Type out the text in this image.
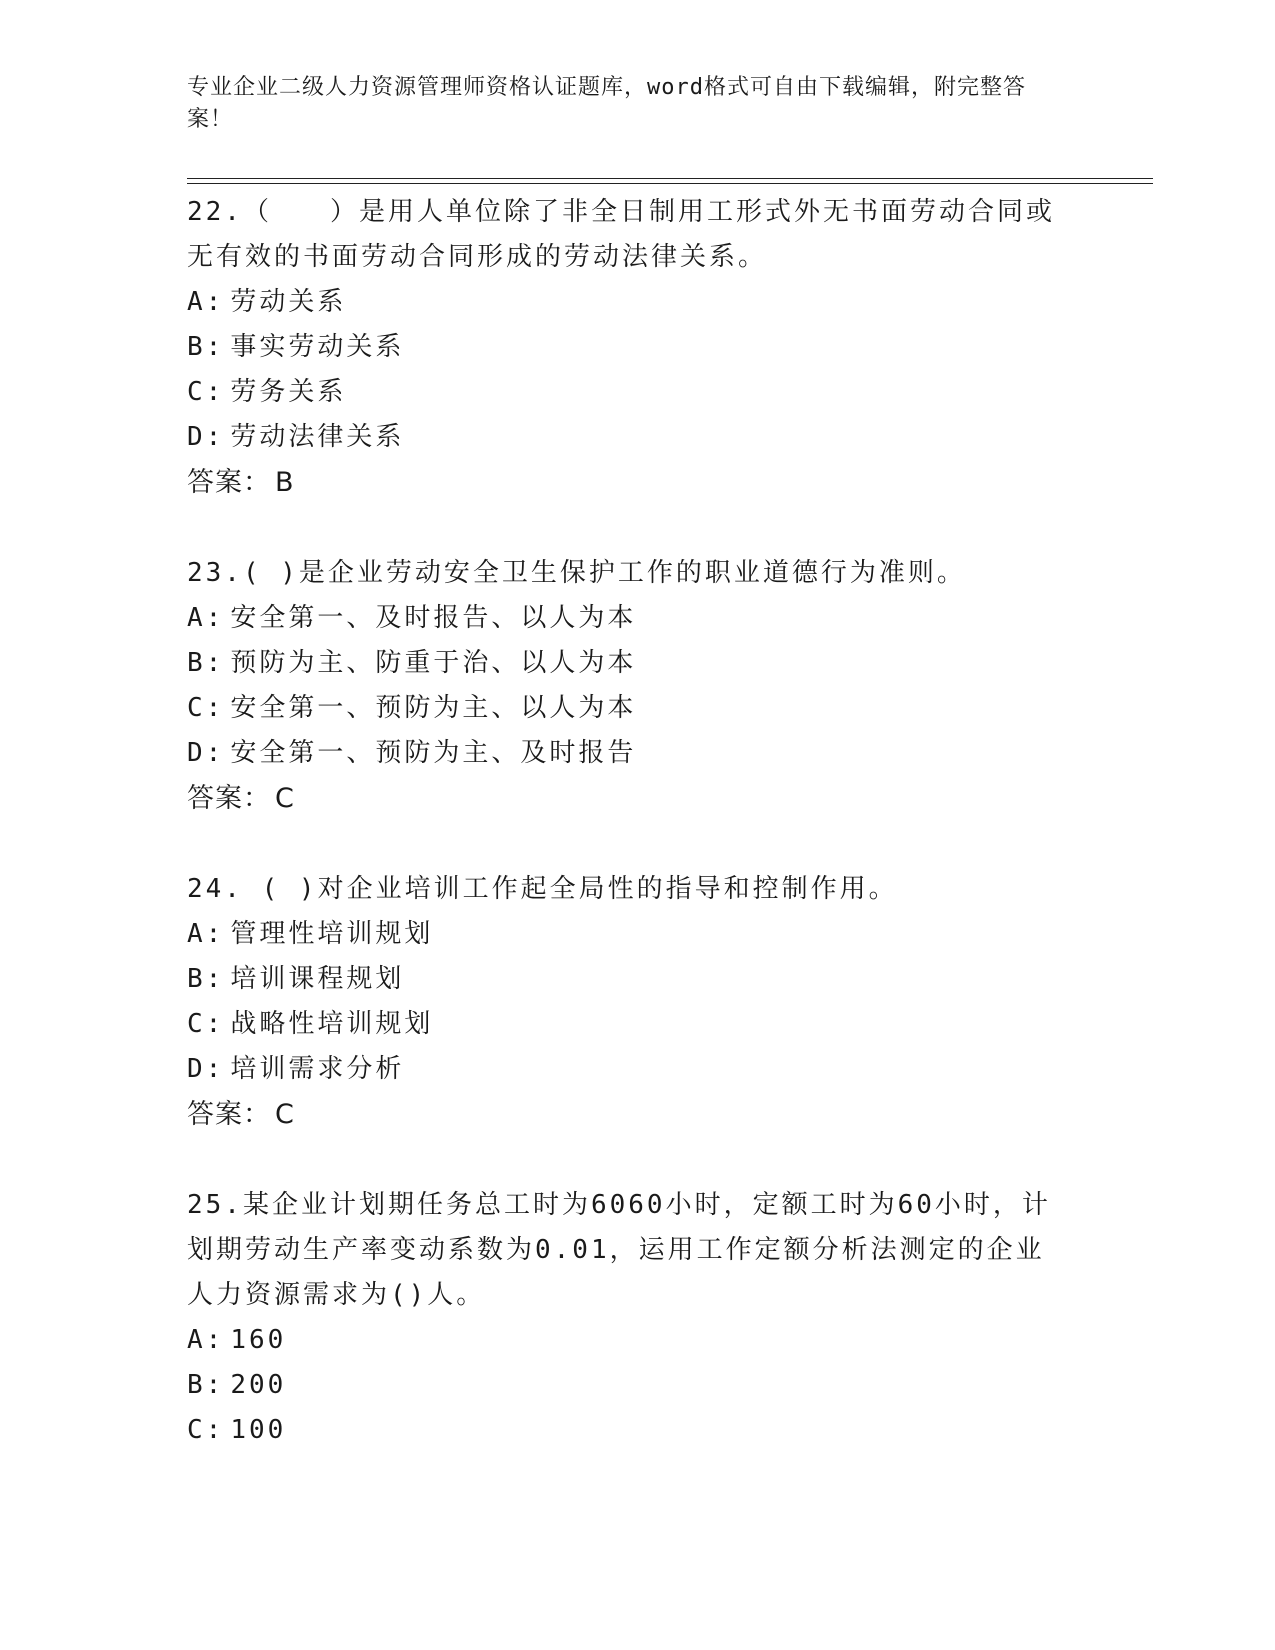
专业企业二级人力资源管理师资格认证题库，word格式可自由下载编辑，附完整答案！

22.（　　）是用人单位除了非全日制用工形式外无书面劳动合同或无有效的书面劳动合同形成的劳动法律关系。

A: 劳动关系

B: 事实劳动关系

C: 劳务关系

D: 劳动法律关系

答案： B

23.( )是企业劳动安全卫生保护工作的职业道德行为准则。

A: 安全第一、及时报告、以人为本

B: 预防为主、防重于治、以人为本

C: 安全第一、预防为主、以人为本

D: 安全第一、预防为主、及时报告

答案： C

24. ( )对企业培训工作起全局性的指导和控制作用。

A: 管理性培训规划

B: 培训课程规划

C: 战略性培训规划

D: 培训需求分析

答案： C

25.某企业计划期任务总工时为6060小时，定额工时为60小时，计划期劳动生产率变动系数为0.01，运用工作定额分析法测定的企业人力资源需求为()人。

A: 160

B: 200

C: 100
